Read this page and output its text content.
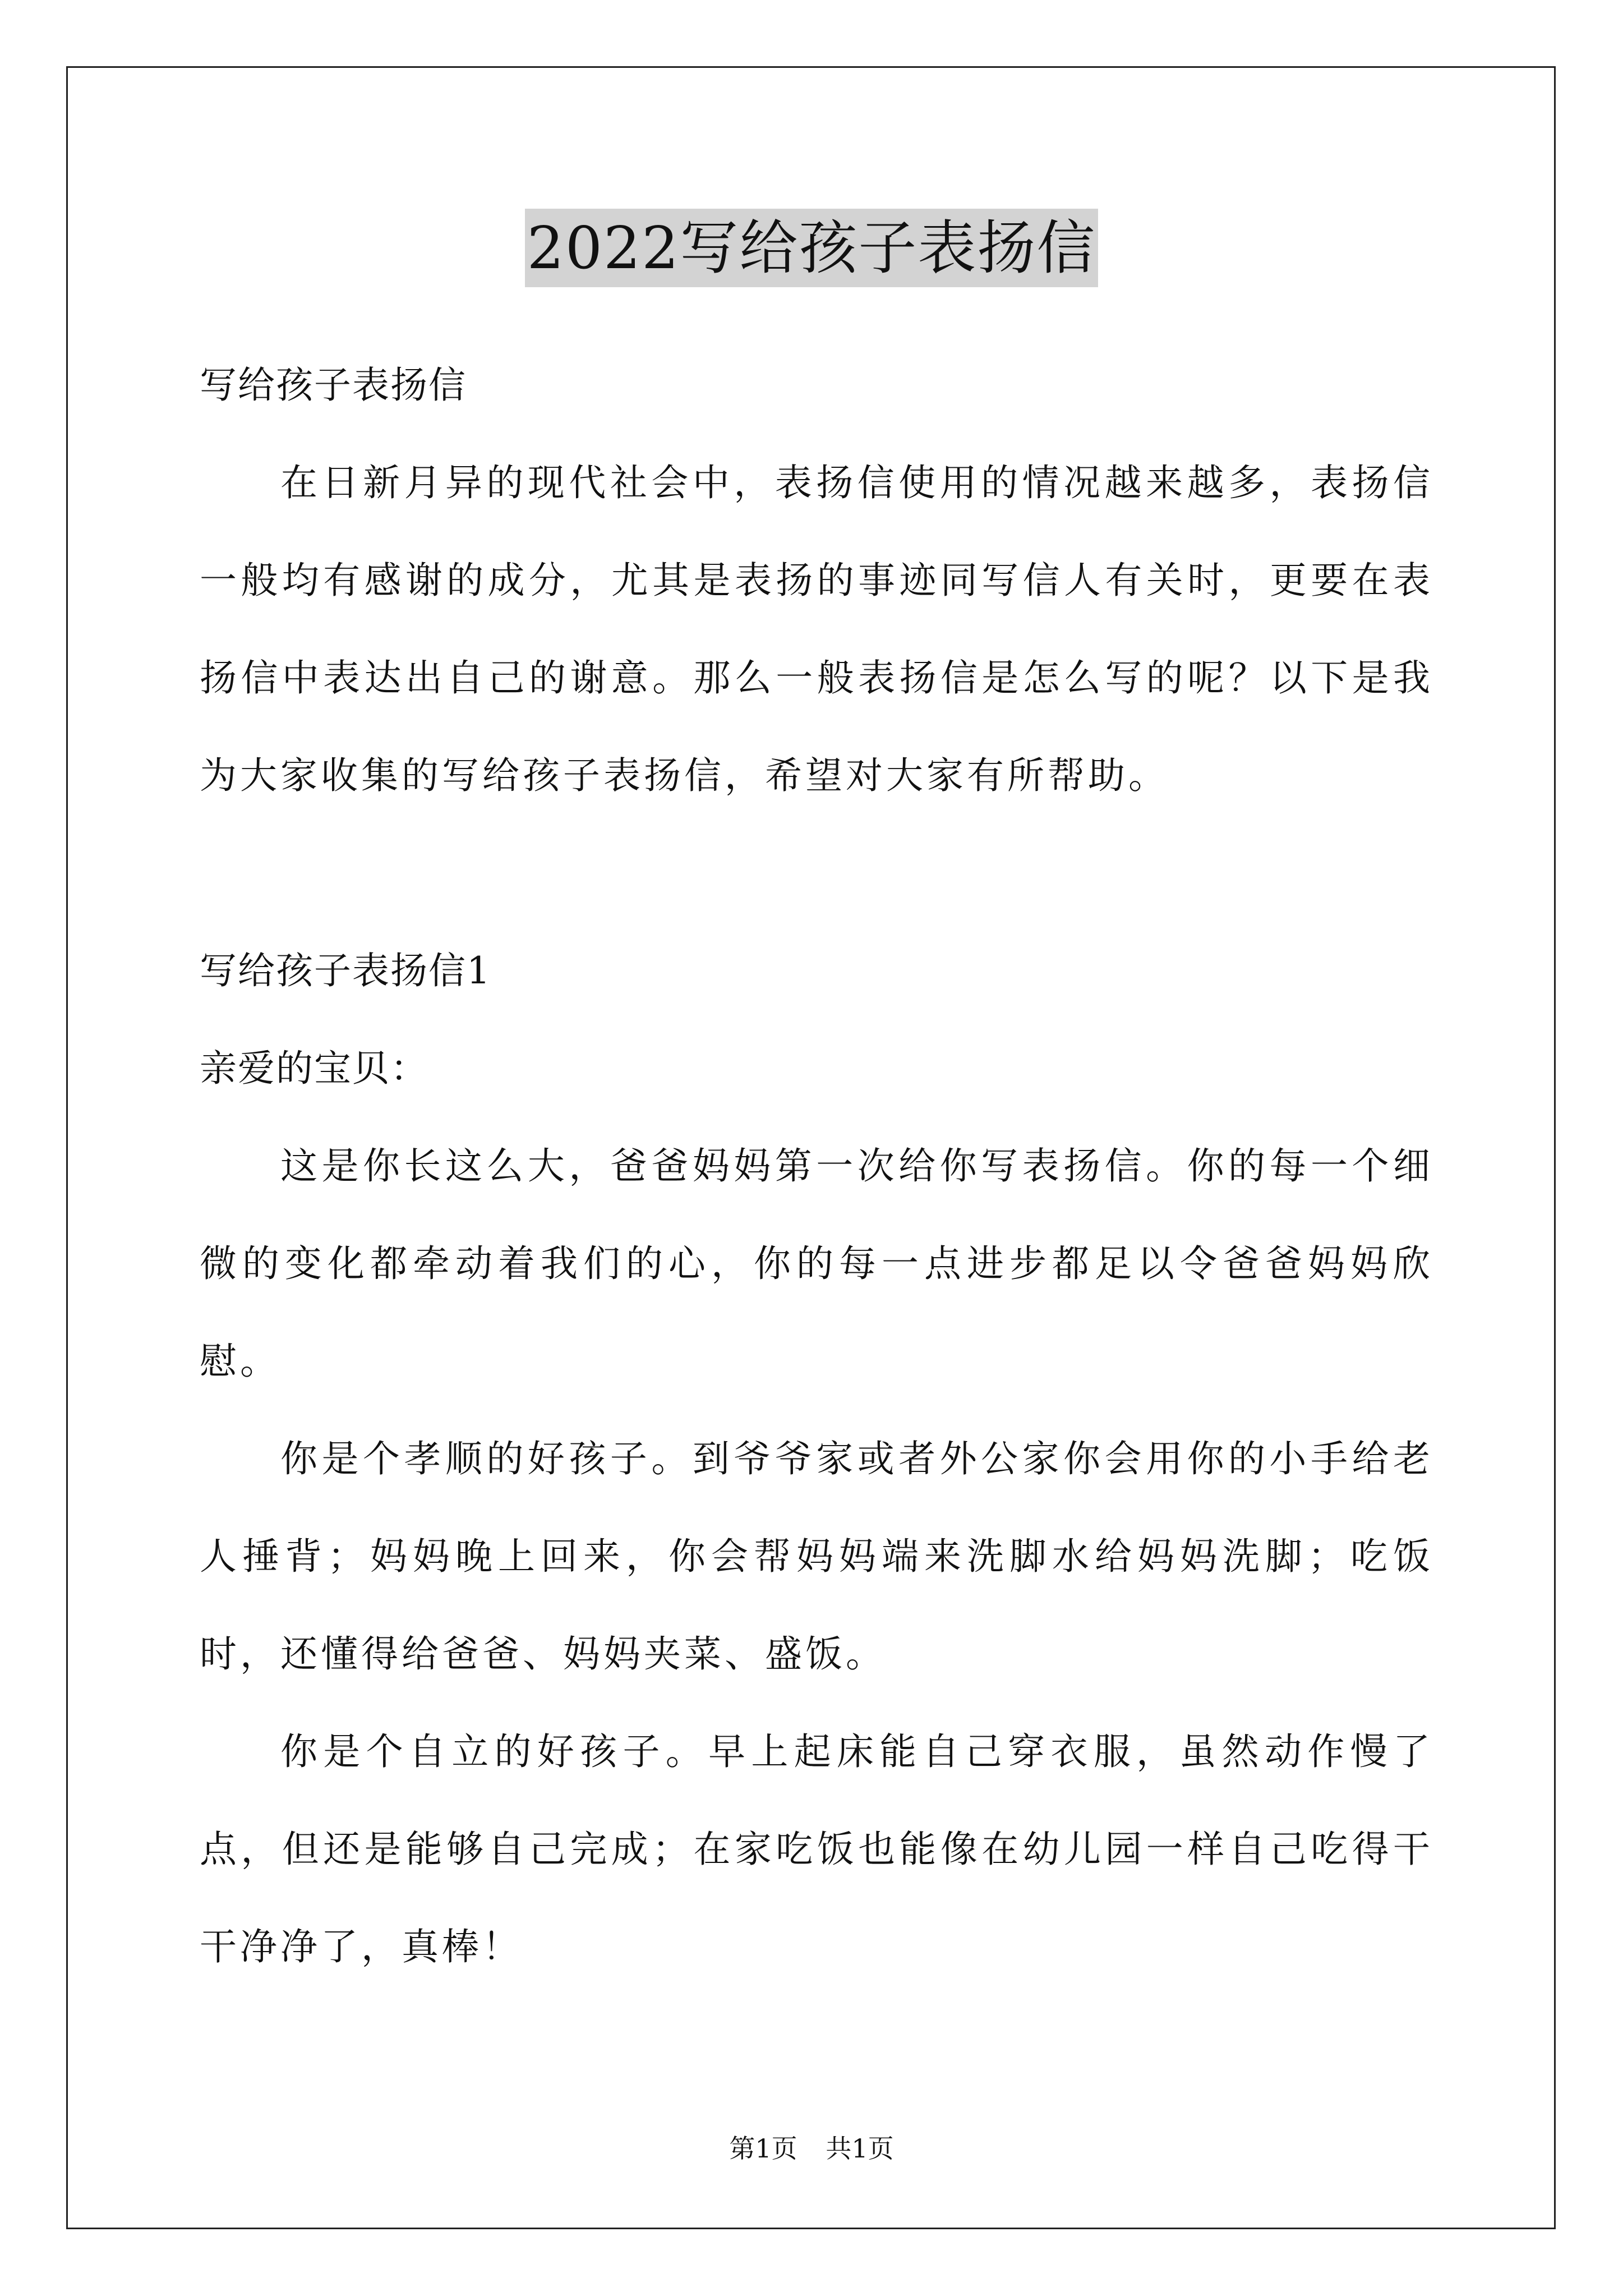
2022写给孩子表扬信
写给孩子表扬信
在日新月异的现代社会中，表扬信使用的情况越来越多，表扬信一般均有感谢的成分，尤其是表扬的事迹同写信人有关时，更要在表扬信中表达出自己的谢意。那么一般表扬信是怎么写的呢？以下是我为大家收集的写给孩子表扬信，希望对大家有所帮助。
写给孩子表扬信1
亲爱的宝贝：
这是你长这么大，爸爸妈妈第一次给你写表扬信。你的每一个细微的变化都牵动着我们的心，你的每一点进步都足以令爸爸妈妈欣慰。
你是个孝顺的好孩子。到爷爷家或者外公家你会用你的小手给老人捶背；妈妈晚上回来，你会帮妈妈端来洗脚水给妈妈洗脚；吃饭时，还懂得给爸爸、妈妈夹菜、盛饭。
你是个自立的好孩子。早上起床能自己穿衣服，虽然动作慢了点，但还是能够自己完成；在家吃饭也能像在幼儿园一样自己吃得干干净净了，真棒！
第1页 共1页
